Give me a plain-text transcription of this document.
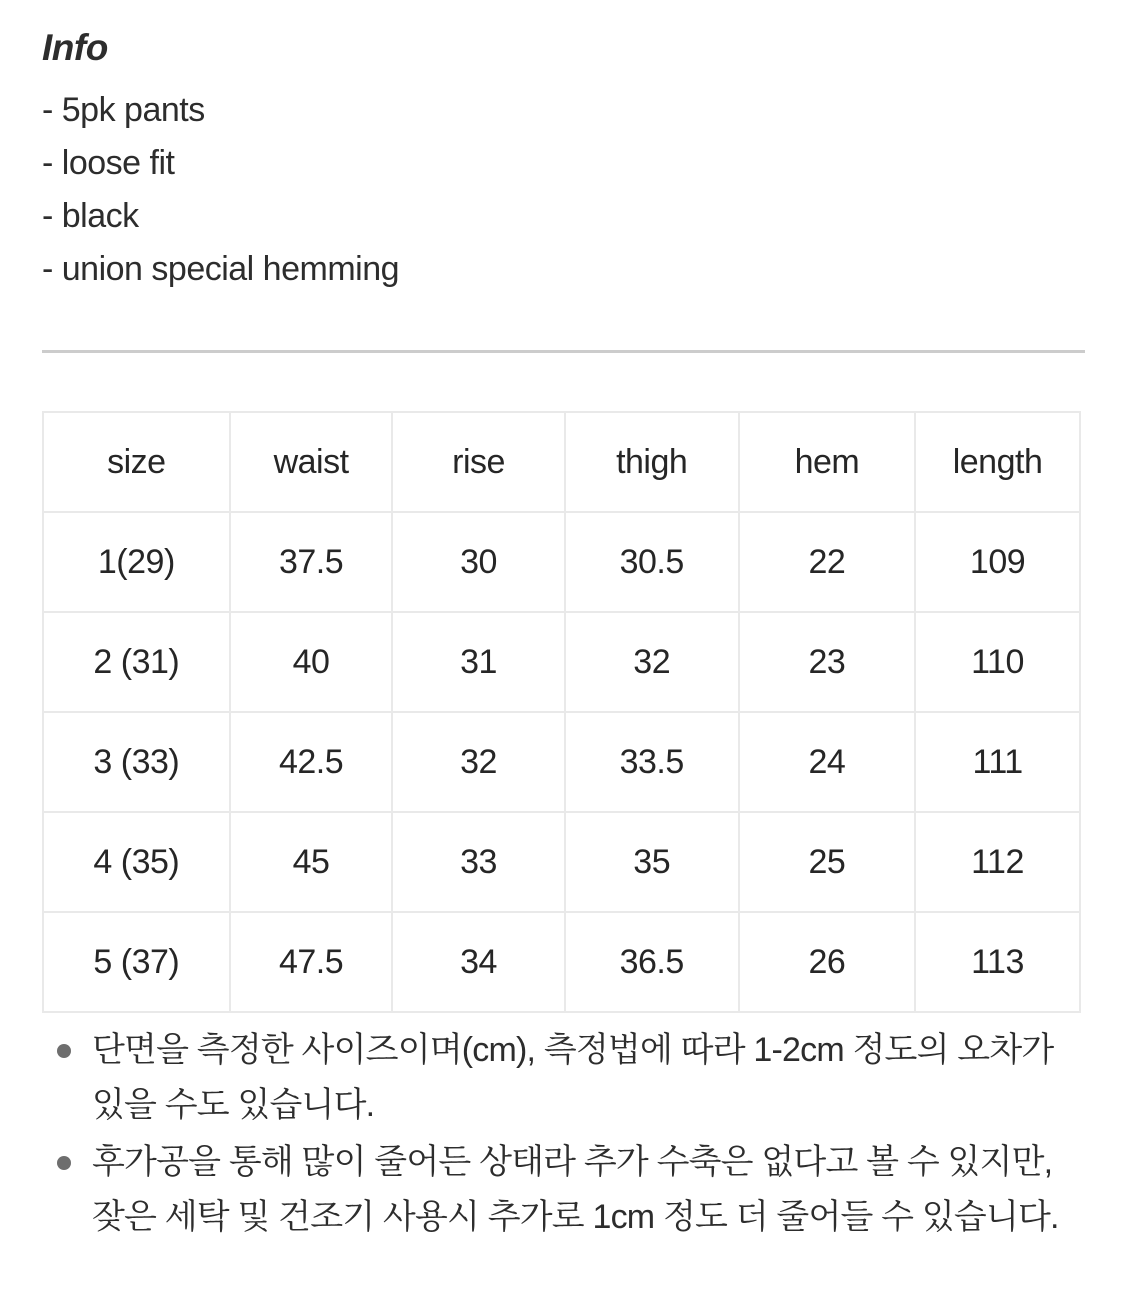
Info
- 5pk pants
- loose fit
- black
- union special hemming
size	waist	rise	thigh	hem	length
1(29)	37.5	30	30.5	22	109
2 (31)	40	31	32	23	110
3 (33)	42.5	32	33.5	24	111
4 (35)	45	33	35	25	112
5 (37)	47.5	34	36.5	26	113
단면을 측정한 사이즈이며(cm), 측정법에 따라 1-2cm 정도의 오차가 있을 수도 있습니다.
후가공을 통해 많이 줄어든 상태라 추가 수축은 없다고 볼 수 있지만, 잦은 세탁 및 건조기 사용시 추가로 1cm 정도 더 줄어들 수 있습니다.
